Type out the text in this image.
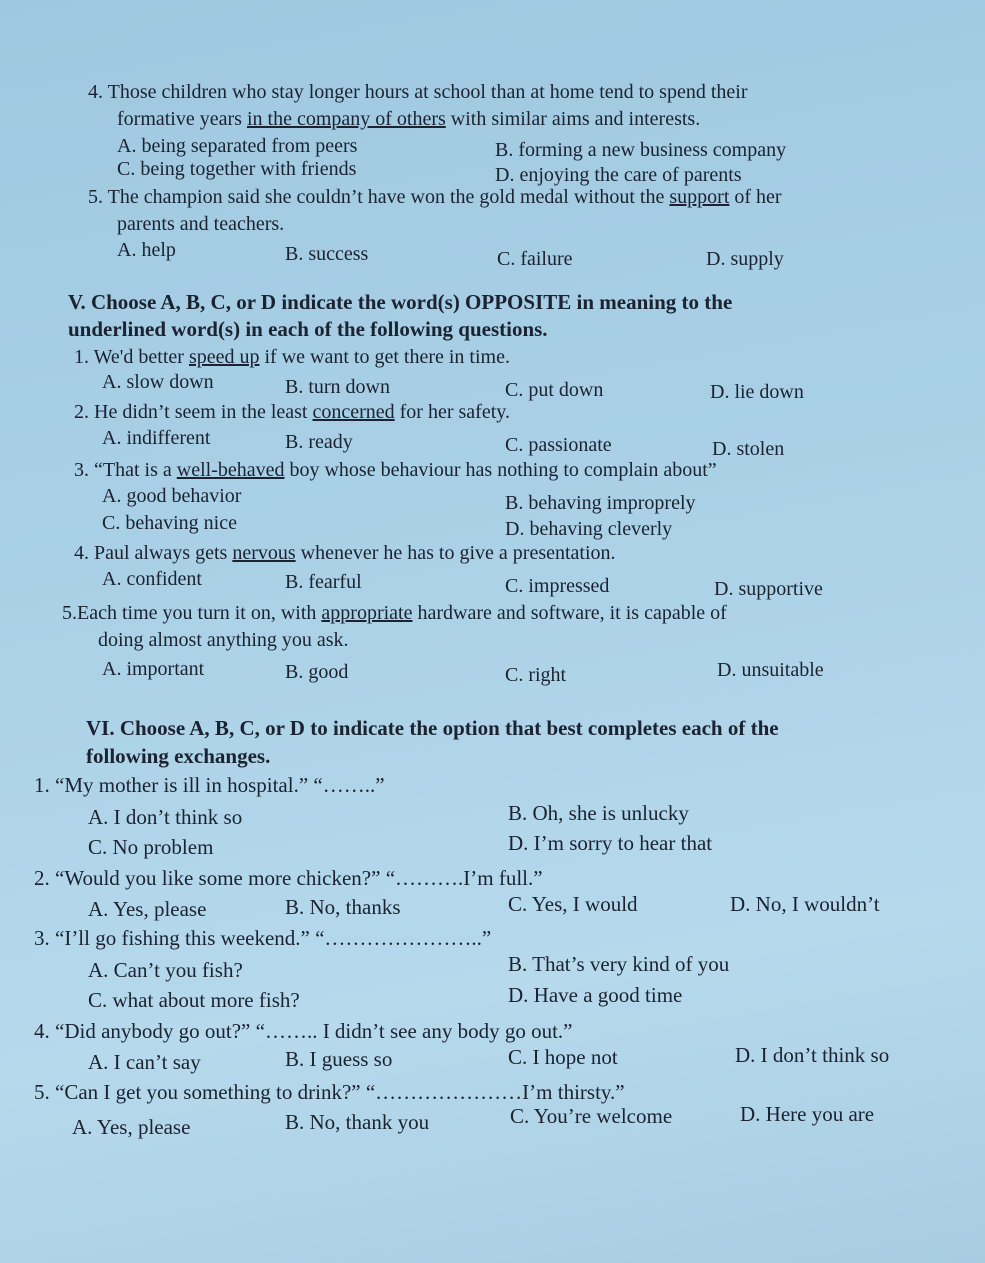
4. Those children who stay longer hours at school than at home tend to spend their
formative years in the company of others with similar aims and interests.
A. being separated from peers	B. forming a new business company
C. being together with friends	D. enjoying the care of parents
5. The champion said she couldn’t have won the gold medal without the support of her
parents and teachers.
A. help	B. success	C. failure	D. supply
V. Choose A, B, C, or D indicate the word(s) OPPOSITE in meaning to the
underlined word(s) in each of the following questions.
1. We'd better speed up if we want to get there in time.
A. slow down	B. turn down	C. put down	D. lie down
2. He didn’t seem in the least concerned for her safety.
A. indifferent	B. ready	C. passionate	D. stolen
3. “That is a well-behaved boy whose behaviour has nothing to complain about”
A. good behavior	B. behaving improprely
C. behaving nice	D. behaving cleverly
4. Paul always gets nervous whenever he has to give a presentation.
A. confident	B. fearful	C. impressed	D. supportive
5.Each time you turn it on, with appropriate hardware and software, it is capable of
doing almost anything you ask.
A. important	B. good	C. right	D. unsuitable
VI. Choose A, B, C, or D to indicate the option that best completes each of the
following exchanges.
1. “My mother is ill in hospital.” “……..”
A. I don’t think so	B. Oh, she is unlucky
C. No problem	D. I’m sorry to hear that
2. “Would you like some more chicken?” “……….I’m full.”
A. Yes, please	B. No, thanks	C. Yes, I would	D. No, I wouldn’t
3. “I’ll go fishing this weekend.” “…………………..”
A. Can’t you fish?	B. That’s very kind of you
C. what about more fish?	D. Have a good time
4. “Did anybody go out?” “…….. I didn’t see any body go out.”
A. I can’t say	B. I guess so	C. I hope not	D. I don’t think so
5. “Can I get you something to drink?” “…………………I’m thirsty.”
A. Yes, please	B. No, thank you	C. You’re welcome	D. Here you are
